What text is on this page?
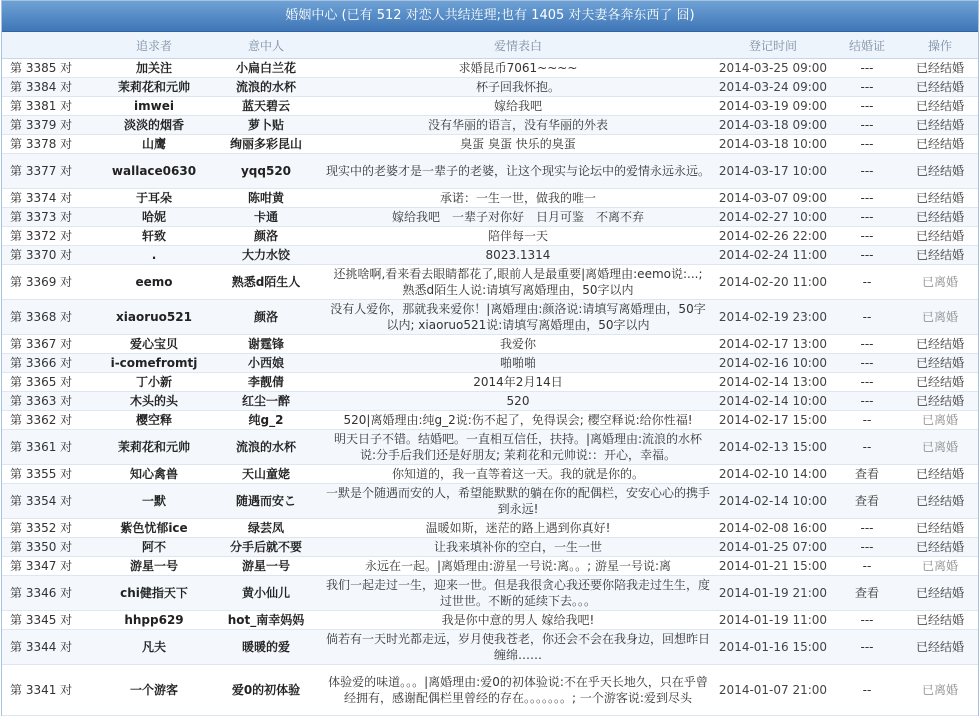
婚姻中心 (已有 512 对恋人共结连理;也有 1405 对夫妻各奔东西了 囧)
	追求者	意中人	爱情表白	登记时间	结婚证	操作
第 3385 对	加关注	小扁白兰花	求婚昆币7061~~~~	2014-03-25 09:00	---	已经结婚
第 3384 对	茉莉花和元帅	流浪的水杯	杯子回我怀抱。	2014-03-24 09:00	---	已经结婚
第 3381 对	imwei	蓝天碧云	嫁给我吧	2014-03-19 09:00	---	已经结婚
第 3379 对	淡淡的烟香	萝卜贴	没有华丽的语言，没有华丽的外表	2014-03-18 09:00	---	已经结婚
第 3378 对	山鹰	绚丽多彩昆山	臭蛋 臭蛋 快乐的臭蛋	2014-03-18 10:00	---	已经结婚
第 3377 对	wallace0630	yqq520	现实中的老婆才是一辈子的老婆，让这个现实与论坛中的爱情永远永远。	2014-03-17 10:00	---	已经结婚
第 3374 对	于耳朵	陈咁黄	承诺：一生一世，做我的唯一	2014-03-07 09:00	---	已经结婚
第 3373 对	哈妮	卡通	嫁给我吧　一辈子对你好　日月可鉴　不离不弃	2014-02-27 10:00	---	已经结婚
第 3372 对	轩致	颜洛	陪伴每一天	2014-02-26 22:00	---	已经结婚
第 3370 对	.	大力水饺	8023.1314	2014-02-24 11:00	---	已经结婚
第 3369 对	eemo	熟悉d陌生人	还挑啥啊,看来看去眼睛都花了,眼前人是最重要|离婚理由:eemo说:...; 熟悉d陌生人说:请填写离婚理由，50字以内	2014-02-20 11:00	--	已离婚
第 3368 对	xiaoruo521	颜洛	没有人爱你，那就我来爱你！|离婚理由:颜洛说:请填写离婚理由，50字以内; xiaoruo521说:请填写离婚理由，50字以内	2014-02-19 23:00	--	已离婚
第 3367 对	爱心宝贝	谢霆锋	我爱你	2014-02-17 13:00	---	已经结婚
第 3366 对	i-comefromtj	小西娘	啪啪啪	2014-02-16 10:00	---	已经结婚
第 3365 对	丁小新	李靓倩	2014年2月14日	2014-02-14 13:00	---	已经结婚
第 3363 对	木头的头	红尘一醉	520	2014-02-14 10:00	---	已经结婚
第 3362 对	樱空释	纯g_2	520|离婚理由:纯g_2说:伤不起了，免得误会; 樱空释说:给你性福!	2014-02-17 15:00	--	已离婚
第 3361 对	茉莉花和元帅	流浪的水杯	明天日子不错。结婚吧。一直相互信任，扶持。|离婚理由:流浪的水杯说:分手后我们还是好朋友; 茉莉花和元帅说:：开心，幸福。	2014-02-13 15:00	--	已离婚
第 3355 对	知心禽兽	天山童姥	你知道的，我一直等着这一天。我的就是你的。	2014-02-10 14:00	查看	已经结婚
第 3354 对	一默	随遇而安こ	一默是个随遇而安的人，希望能默默的躺在你的配偶栏，安安心心的携手到永远!	2014-02-14 10:00	查看	已经结婚
第 3352 对	紫色忧郁ice	绿芸凤	温暖如斯，迷茫的路上遇到你真好!	2014-02-08 16:00	---	已经结婚
第 3350 对	阿不	分手后就不要	让我来填补你的空白，一生一世	2014-01-25 07:00	---	已经结婚
第 3347 对	游星一号	游星一号	永远在一起。|离婚理由:游星一号说:离。。; 游星一号说:离	2014-01-21 15:00	--	已离婚
第 3346 对	chi健指天下	黄小仙儿	我们一起走过一生，迎来一世。但是我很贪心我还要你陪我走过生生，度过世世。不断的延续下去。。。	2014-01-19 21:00	查看	已经结婚
第 3345 对	hhpp629	hot_南幸妈妈	我是你中意的男人 嫁给我吧!	2014-01-19 11:00	---	已经结婚
第 3344 对	凡夫	暖暖的爱	倘若有一天时光都走远，岁月使我苍老，你还会不会在我身边，回想昨日缠绵……	2014-01-16 15:00	---	已经结婚
第 3341 对	一个游客	爱0的初体验	体验爱的味道。。。|离婚理由:爱0的初体验说:不在乎天长地久，只在乎曾经拥有，感谢配偶栏里曾经的存在。。。。。。。; 一个游客说:爱到尽头	2014-01-07 21:00	--	已离婚
